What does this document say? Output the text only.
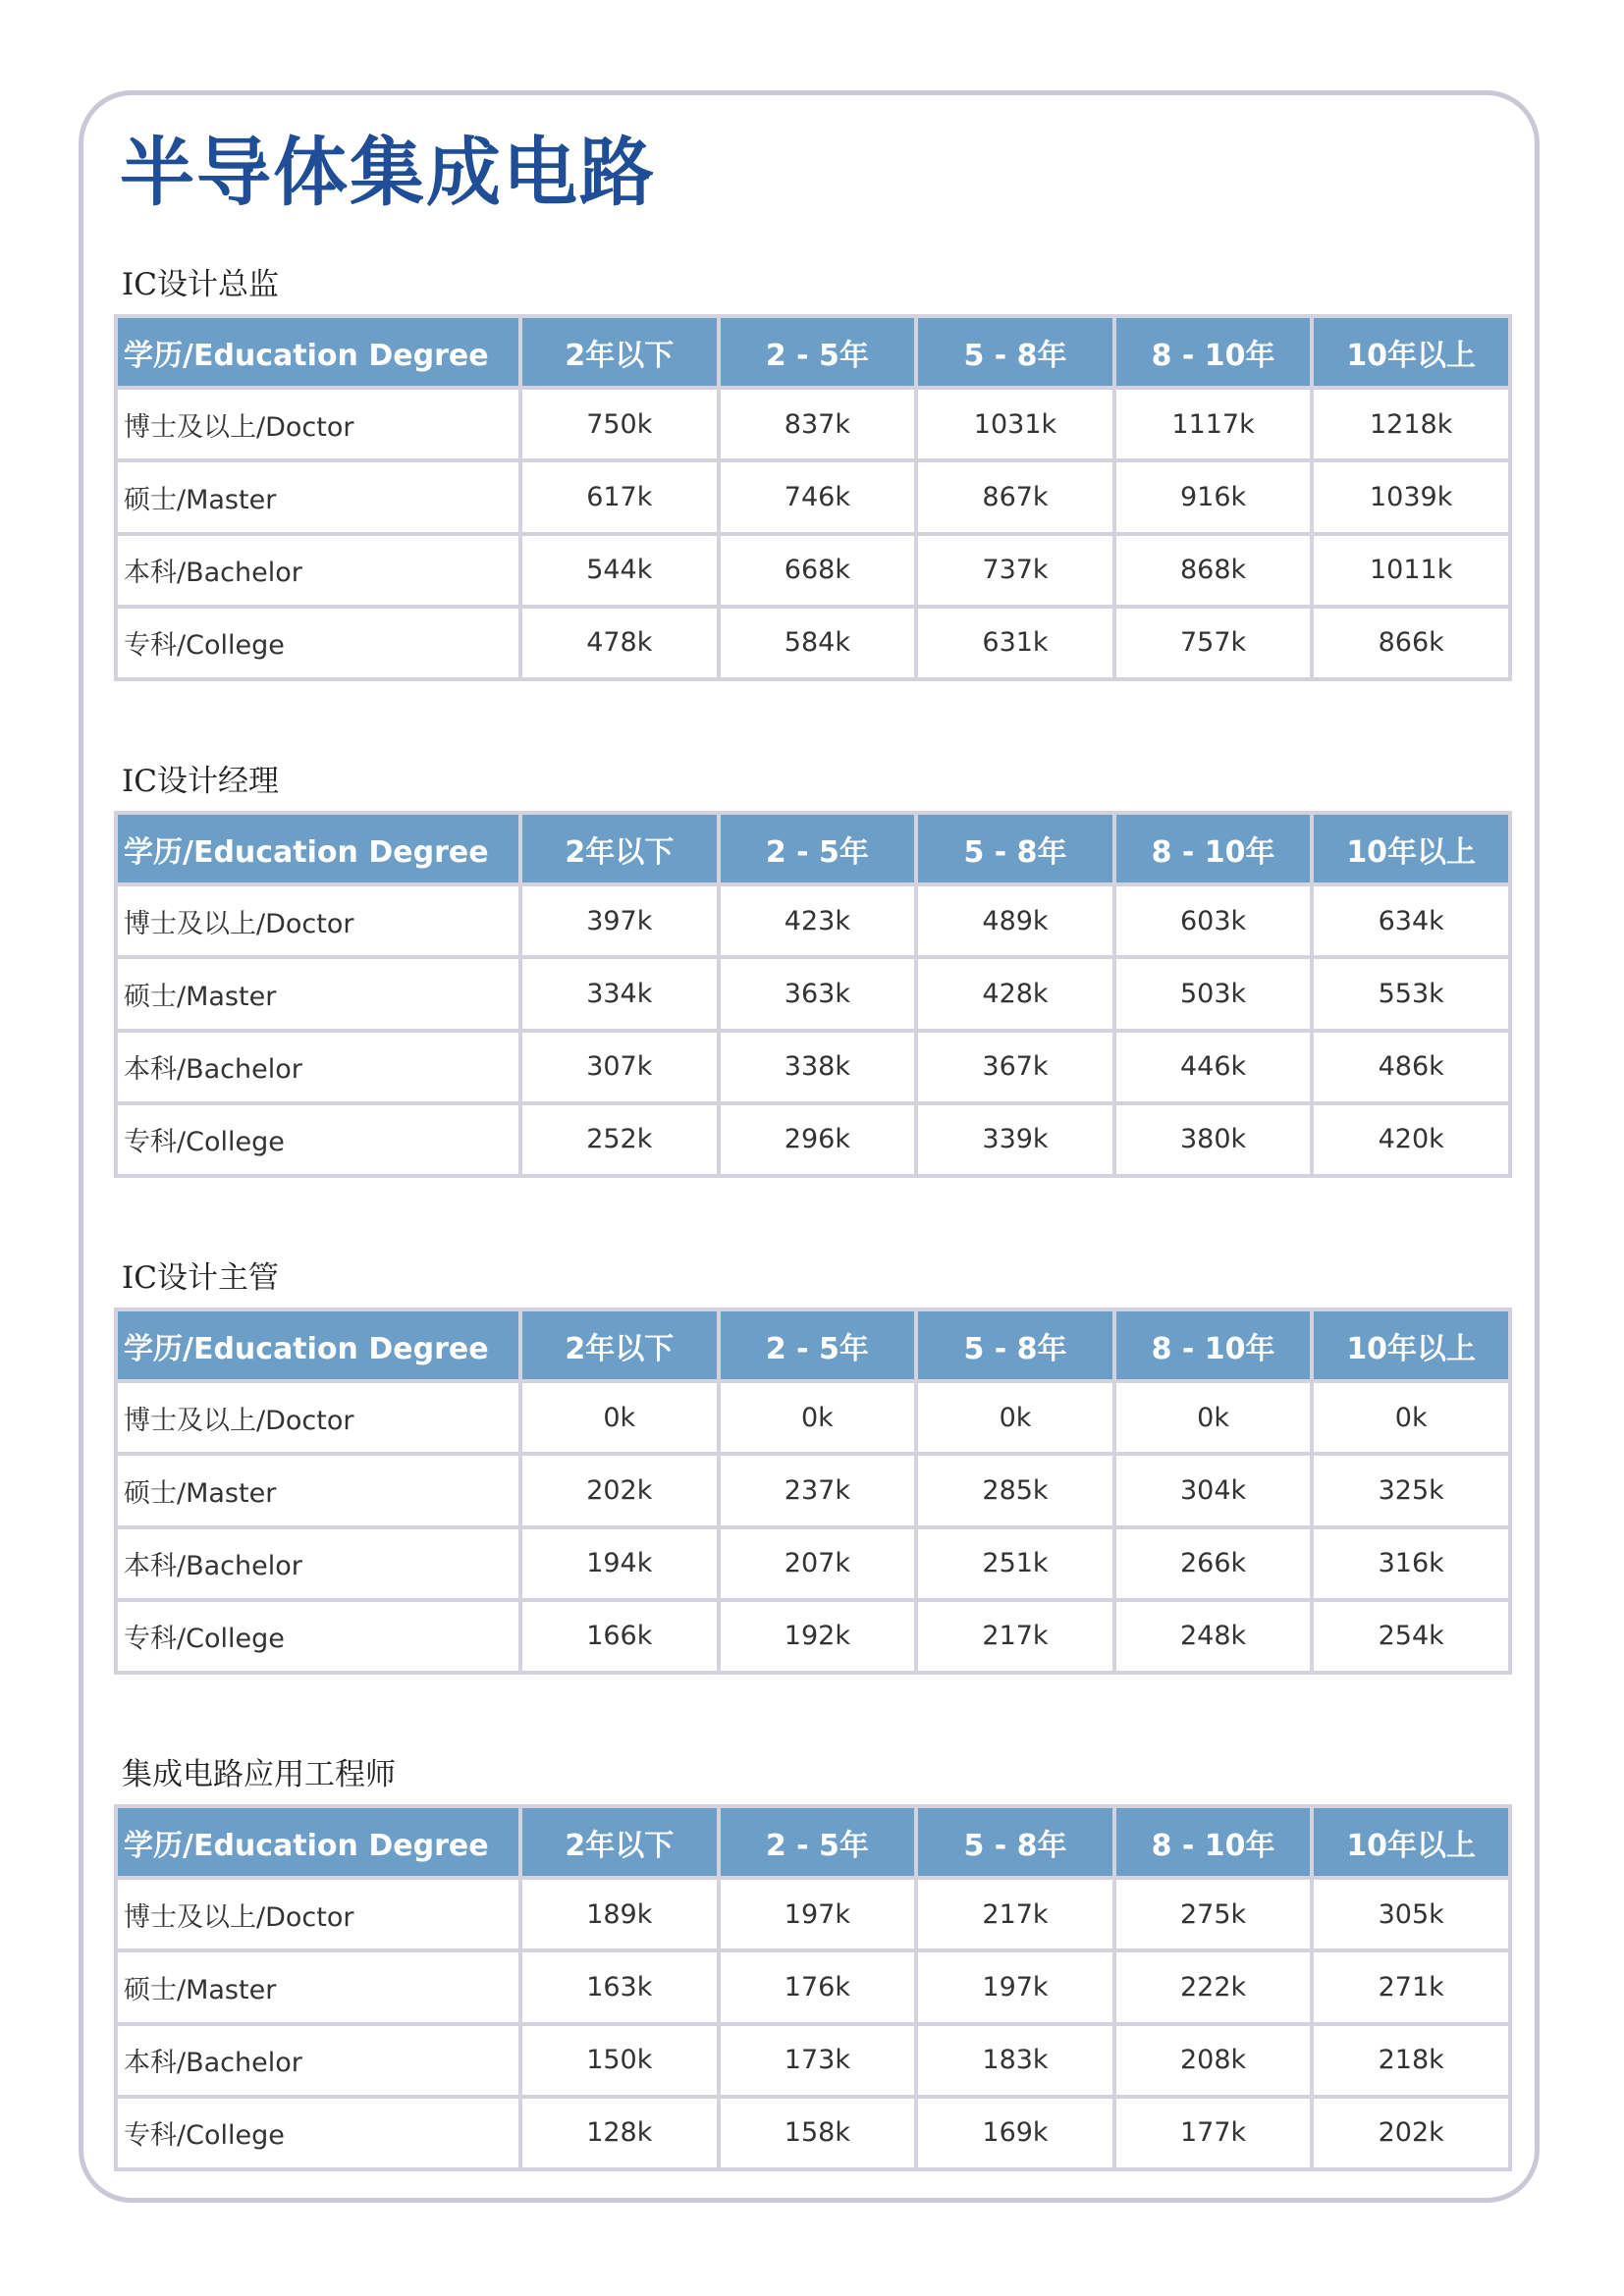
半导体集成电路
IC设计总监
学历/Education Degree	2年以下	2 - 5年	5 - 8年	8 - 10年	10年以上
博士及以上/Doctor	750k	837k	1031k	1117k	1218k
硕士/Master	617k	746k	867k	916k	1039k
本科/Bachelor	544k	668k	737k	868k	1011k
专科/College	478k	584k	631k	757k	866k
IC设计经理
学历/Education Degree	2年以下	2 - 5年	5 - 8年	8 - 10年	10年以上
博士及以上/Doctor	397k	423k	489k	603k	634k
硕士/Master	334k	363k	428k	503k	553k
本科/Bachelor	307k	338k	367k	446k	486k
专科/College	252k	296k	339k	380k	420k
IC设计主管
学历/Education Degree	2年以下	2 - 5年	5 - 8年	8 - 10年	10年以上
博士及以上/Doctor	0k	0k	0k	0k	0k
硕士/Master	202k	237k	285k	304k	325k
本科/Bachelor	194k	207k	251k	266k	316k
专科/College	166k	192k	217k	248k	254k
集成电路应用工程师
学历/Education Degree	2年以下	2 - 5年	5 - 8年	8 - 10年	10年以上
博士及以上/Doctor	189k	197k	217k	275k	305k
硕士/Master	163k	176k	197k	222k	271k
本科/Bachelor	150k	173k	183k	208k	218k
专科/College	128k	158k	169k	177k	202k
